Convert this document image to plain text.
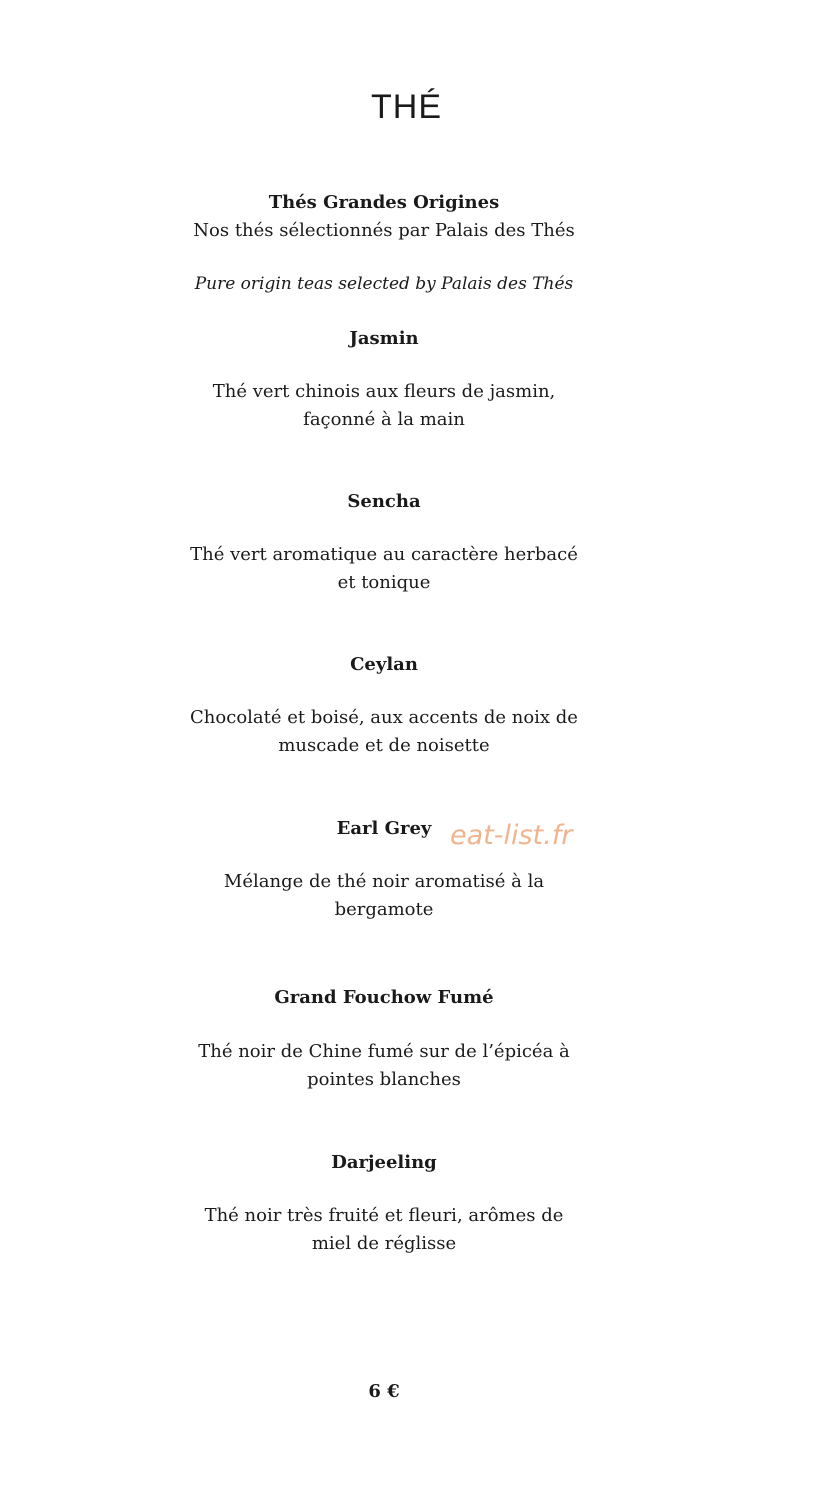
THÉ
Thés Grandes Origines
Nos thés sélectionnés par Palais des Thés
Pure origin teas selected by Palais des Thés
Jasmin
Thé vert chinois aux fleurs de jasmin,
façonné à la main
Sencha
Thé vert aromatique au caractère herbacé
et tonique
Ceylan
Chocolaté et boisé, aux accents de noix de
muscade et de noisette
Earl Grey
Mélange de thé noir aromatisé à la
bergamote
Grand Fouchow Fumé
Thé noir de Chine fumé sur de l’épicéa à
pointes blanches
Darjeeling
Thé noir très fruité et fleuri, arômes de
miel de réglisse
6 €
eat-list.fr
